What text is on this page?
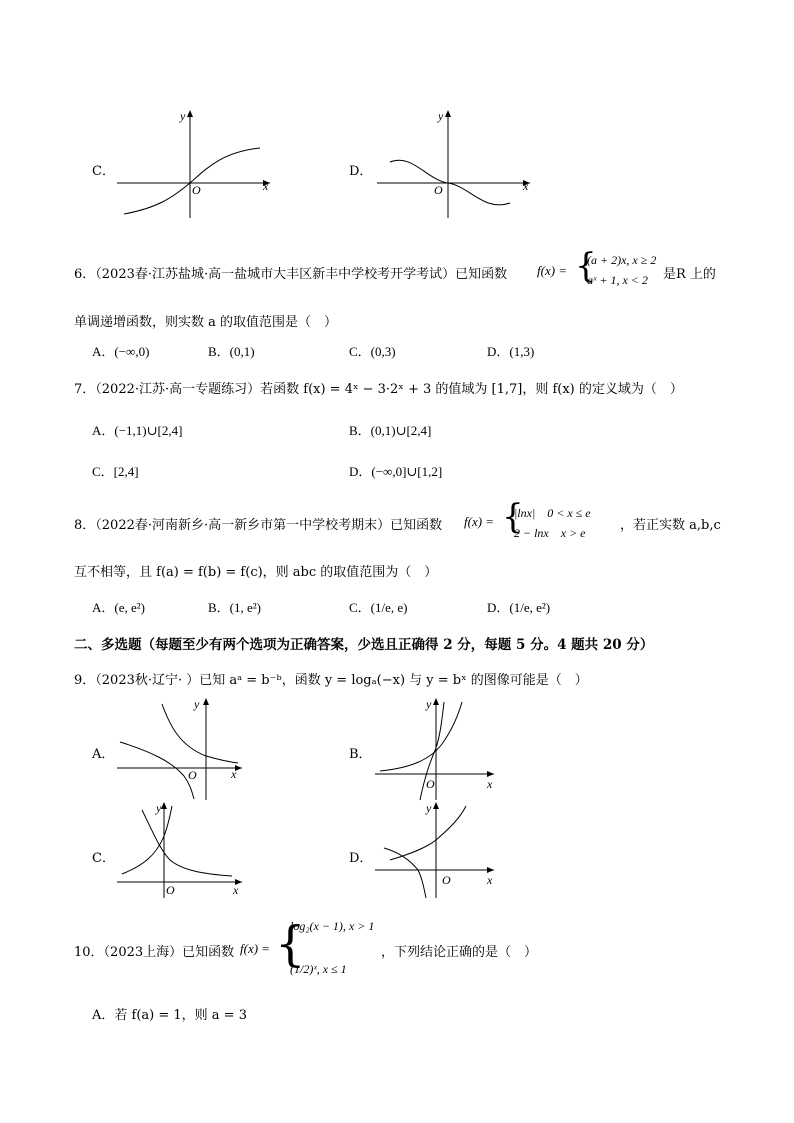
C．
x
y
O
D．
x
y
O
6．（2023春·江苏盐城·高一盐城市大丰区新丰中学校考开学考试）已知函数 f(x) = {
(a + 2)x, x ≥ 2
aˣ + 1, x < 2 是R 上的
单调递增函数，则实数 a 的取值范围是（　）
A．(−∞,0)	B．(0,1)	C．(0,3)	D．(1,3)
7．（2022·江苏·高一专题练习）若函数 f(x) = 4ˣ − 3·2ˣ + 3 的值域为 [1,7]，则 f(x) 的定义域为（　）
A．(−1,1)∪[2,4]	B．(0,1)∪[2,4]
C．[2,4]	D．(−∞,0]∪[1,2]
8．（2022春·河南新乡·高一新乡市第一中学校考期末）已知函数 f(x) = {
|lnx|　0 < x ≤ e
2 − lnx　x > e	，若正实数 a,b,c
互不相等，且 f(a) = f(b) = f(c)，则 abc 的取值范围为（　）
A．(e, e²)	B．(1, e²)	C．(1/e, e)	D．(1/e, e²)
二、多选题（每题至少有两个选项为正确答案，少选且正确得 2 分，每题 5 分。4 题共 20 分）
9．（2023秋·辽宁· ）已知 aᵃ = b⁻ᵇ，函数 y = logₐ(−x) 与 y = bˣ 的图像可能是（　）
A．
x
y
O
B．
x
y
O
C．
x
y
O
D．
x
y
O
10．（2023上海）已知函数 f(x) = {
log₂(x − 1), x > 1
(1/2)ˣ, x ≤ 1
，下列结论正确的是（　）
A．若 f(a) = 1，则 a = 3
